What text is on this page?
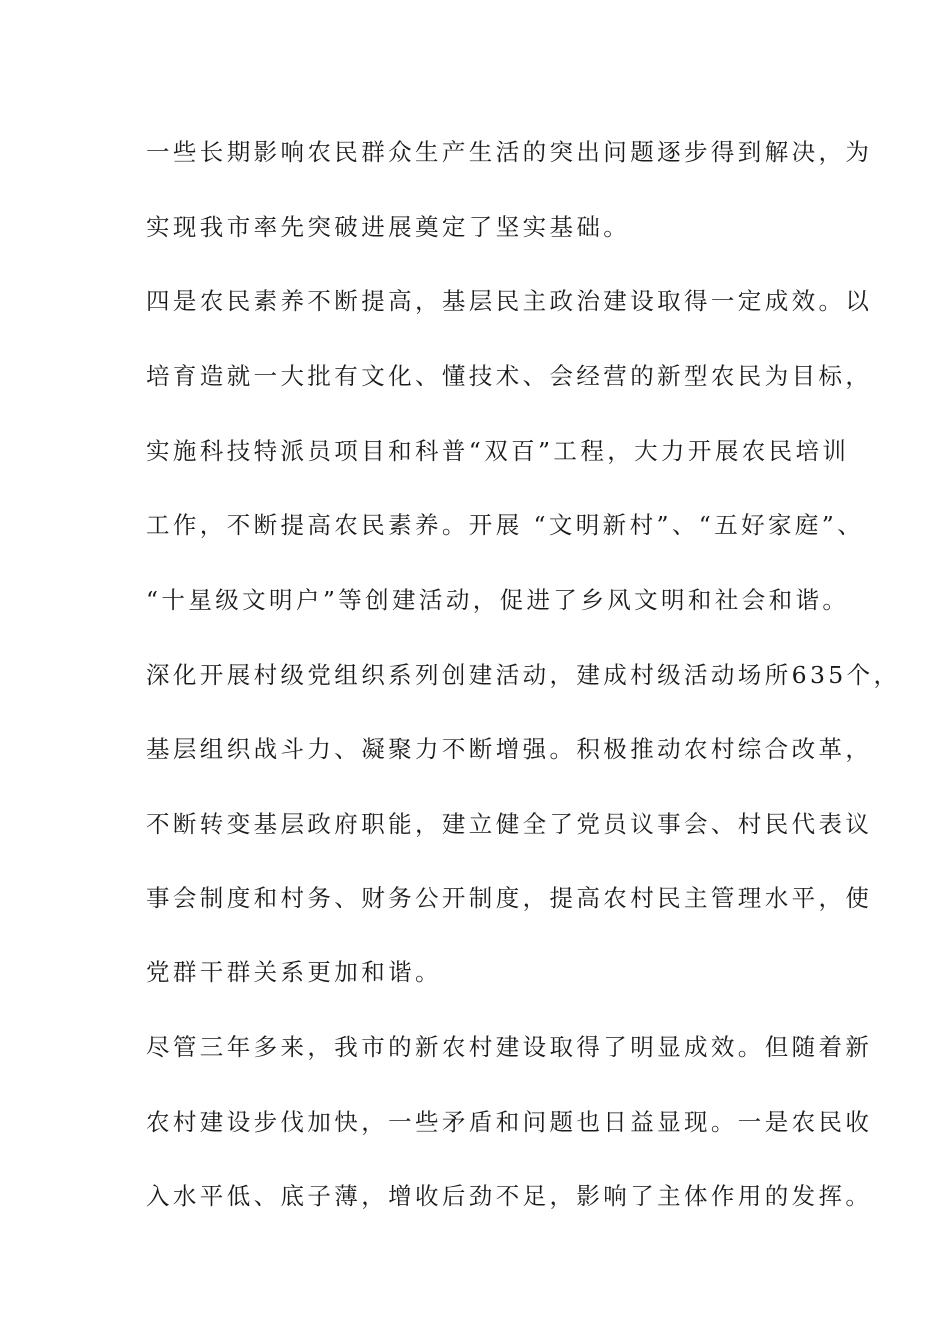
一些长期影响农民群众生产生活的突出问题逐步得到解决，为
实现我市率先突破进展奠定了坚实基础。
四是农民素养不断提高，基层民主政治建设取得一定成效。以
培育造就一大批有文化、懂技术、会经营的新型农民为目标，
实施科技特派员项目和科普“双百”工程，大力开展农民培训
工作，不断提高农民素养。开展 “文明新村”、“五好家庭”、
“十星级文明户”等创建活动，促进了乡风文明和社会和谐。
深化开展村级党组织系列创建活动，建成村级活动场所635个，
基层组织战斗力、凝聚力不断增强。积极推动农村综合改革，
不断转变基层政府职能，建立健全了党员议事会、村民代表议
事会制度和村务、财务公开制度，提高农村民主管理水平，使
党群干群关系更加和谐。
尽管三年多来，我市的新农村建设取得了明显成效。但随着新
农村建设步伐加快，一些矛盾和问题也日益显现。一是农民收
入水平低、底子薄，增收后劲不足，影响了主体作用的发挥。
